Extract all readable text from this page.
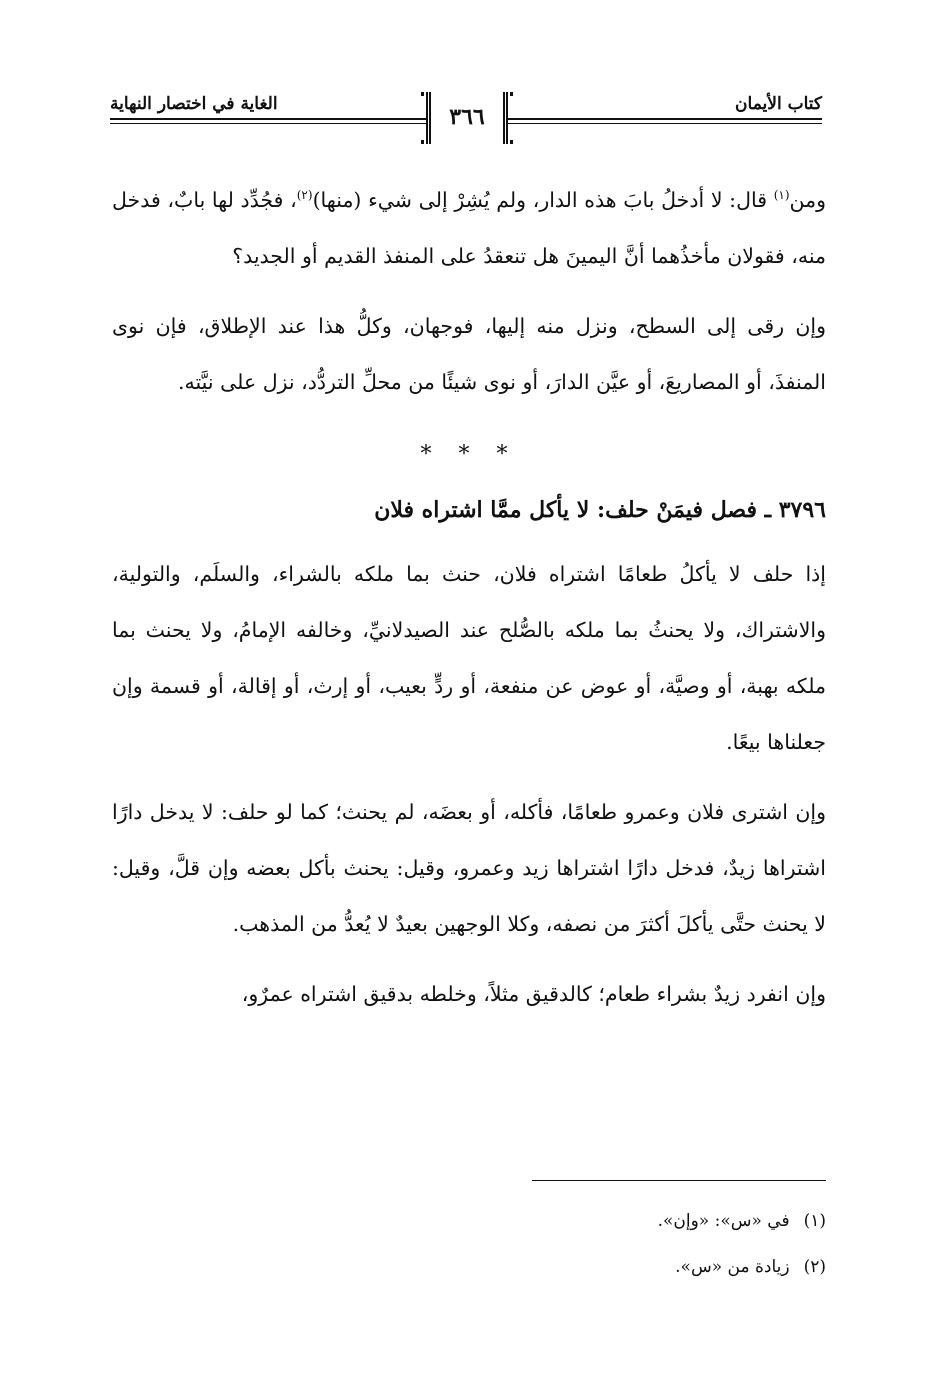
كتاب الأيمان
الغاية في اختصار النهاية	٣٦٦

ومن$^{(١)}$ قال: لا أدخلُ بابَ هذه الدار، ولم يُشِرْ إلى شيء (منها)$^{(٢)}$، فجُدِّد لها بابٌ، فدخل منه، فقولان مأخذُهما أنَّ اليمينَ هل تنعقدُ على المنفذ القديم أو الجديد؟

وإن رقى إلى السطح، ونزل منه إليها، فوجهان، وكلُّ هذا عند الإطلاق، فإن نوى المنفذَ، أو المصاريعَ، أو عيَّن الدارَ، أو نوى شيئًا من محلِّ التردُّد، نزل على نيَّته.

* * *
٣٧٩٦ ـ فصل فيمَنْ حلف: لا يأكل ممَّا اشتراه فلان

إذا حلف لا يأكلُ طعامًا اشتراه فلان، حنث بما ملكه بالشراء، والسلَم، والتولية، والاشتراك، ولا يحنثُ بما ملكه بالصُّلح عند الصيدلانيِّ، وخالفه الإمامُ، ولا يحنث بما ملكه بهبة، أو وصيَّة، أو عوض عن منفعة، أو ردٍّ بعيب، أو إرث، أو إقالة، أو قسمة وإن جعلناها بيعًا.

وإن اشترى فلان وعمرو طعامًا، فأكله، أو بعضَه، لم يحنث؛ كما لو حلف: لا يدخل دارًا اشتراها زيدٌ، فدخل دارًا اشتراها زيد وعمرو، وقيل: يحنث بأكل بعضه وإن قلَّ، وقيل: لا يحنث حتَّى يأكلَ أكثرَ من نصفه، وكلا الوجهين بعيدٌ لا يُعدُّ من المذهب.

وإن انفرد زيدٌ بشراء طعام؛ كالدقيق مثلاً، وخلطه بدقيق اشتراه عمرٌو،

(١)في «س»: «وإن».
(٢)زيادة من «س».
